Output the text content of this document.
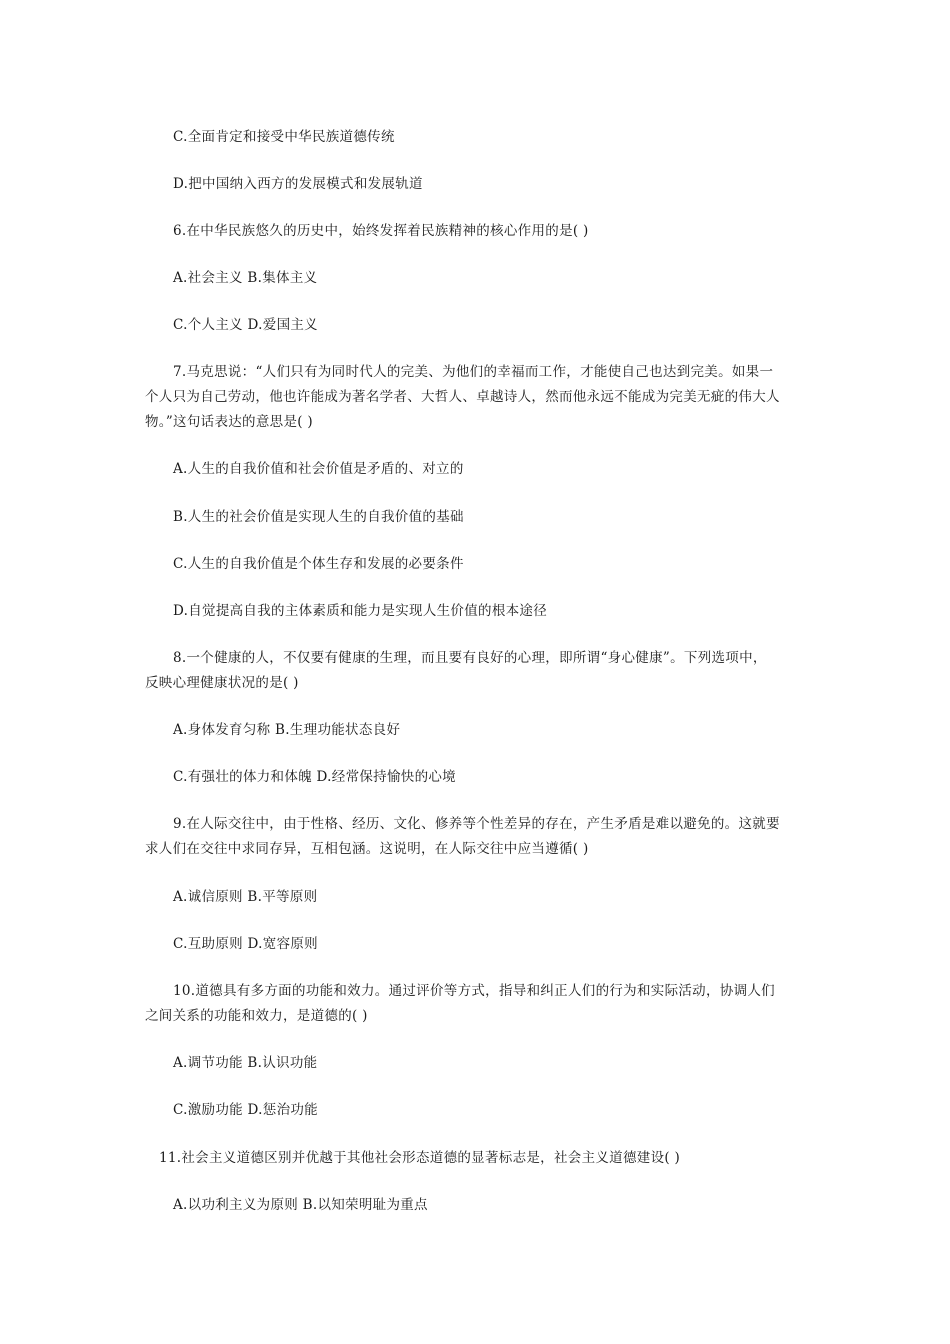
C.全面肯定和接受中华民族道德传统

D.把中国纳入西方的发展模式和发展轨道

6.在中华民族悠久的历史中，始终发挥着民族精神的核心作用的是( )

A.社会主义 B.集体主义

C.个人主义 D.爱国主义

7.马克思说：“人们只有为同时代人的完美、为他们的幸福而工作，才能使自己也达到完美。如果一

个人只为自己劳动，他也许能成为著名学者、大哲人、卓越诗人，然而他永远不能成为完美无疵的伟大人

物。”这句话表达的意思是( )

A.人生的自我价值和社会价值是矛盾的、对立的

B.人生的社会价值是实现人生的自我价值的基础

C.人生的自我价值是个体生存和发展的必要条件

D.自觉提高自我的主体素质和能力是实现人生价值的根本途径

8.一个健康的人，不仅要有健康的生理，而且要有良好的心理，即所谓“身心健康”。下列选项中，

反映心理健康状况的是( )

A.身体发育匀称 B.生理功能状态良好

C.有强壮的体力和体魄 D.经常保持愉快的心境

9.在人际交往中，由于性格、经历、文化、修养等个性差异的存在，产生矛盾是难以避免的。这就要

求人们在交往中求同存异，互相包涵。这说明，在人际交往中应当遵循( )

A.诚信原则 B.平等原则

C.互助原则 D.宽容原则

10.道德具有多方面的功能和效力。通过评价等方式，指导和纠正人们的行为和实际活动，协调人们

之间关系的功能和效力，是道德的( )

A.调节功能 B.认识功能

C.激励功能 D.惩治功能

11.社会主义道德区别并优越于其他社会形态道德的显著标志是，社会主义道德建设( )

A.以功利主义为原则 B.以知荣明耻为重点
